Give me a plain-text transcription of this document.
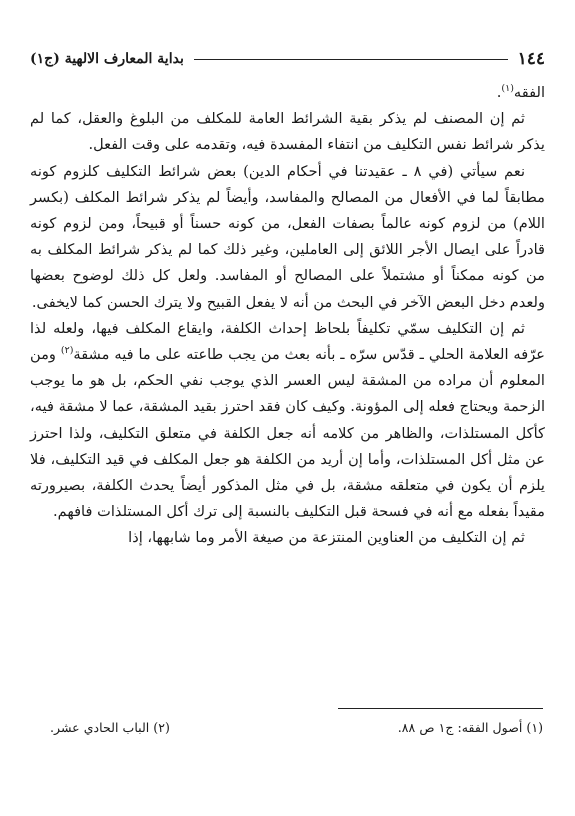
١٤٤
بداية المعارف الالهية (ج١)

الفقه$^{(١)}$.

ثم إن المصنف لم يذكر بقية الشرائط العامة للمكلف من البلوغ والعقل، كما لم يذكر شرائط نفس التكليف من انتفاء المفسدة فيه، وتقدمه على وقت الفعل.

نعم سيأتي (في ٨ ـ عقيدتنا في أحكام الدين) بعض شرائط التكليف كلزوم كونه مطابقاً لما في الأفعال من المصالح والمفاسد، وأيضاً لم يذكر شرائط المكلف (بكسر اللام) من لزوم كونه عالماً بصفات الفعل، من كونه حسناً أو قبيحاً، ومن لزوم كونه قادراً على ايصال الأجر اللائق إلى العاملين، وغير ذلك كما لم يذكر شرائط المكلف به من كونه ممكناً أو مشتملاً على المصالح أو المفاسد. ولعل كل ذلك لوضوح بعضها ولعدم دخل البعض الآخر في البحث من أنه لا يفعل القبيح ولا يترك الحسن كما لايخفى.

ثم إن التكليف سمّي تكليفاً بلحاظ إحداث الكلفة، وايقاع المكلف فيها، ولعله لذا عرّفه العلامة الحلي ـ قدّس سرّه ـ بأنه بعث من يجب طاعته على ما فيه مشقة$^{(٢)}$ ومن المعلوم أن مراده من المشقة ليس العسر الذي يوجب نفي الحكم، بل هو ما يوجب الزحمة ويحتاج فعله إلى المؤونة. وكيف كان فقد احترز بقيد المشقة، عما لا مشقة فيه، كأكل المستلذات، والظاهر من كلامه أنه جعل الكلفة في متعلق التكليف، ولذا احترز عن مثل أكل المستلذات، وأما إن أريد من الكلفة هو جعل المكلف في قيد التكليف، فلا يلزم أن يكون في متعلقه مشقة، بل في مثل المذكور أيضاً يحدث الكلفة، بصيرورته مقيداً بفعله مع أنه في فسحة قبل التكليف بالنسبة إلى ترك أكل المستلذات فافهم.

ثم إن التكليف من العناوين المنتزعة من صيغة الأمر وما شابهها، إذا

(١) أصول الفقه: ج١ ص ٨٨.
(٢) الباب الحادي عشر.
